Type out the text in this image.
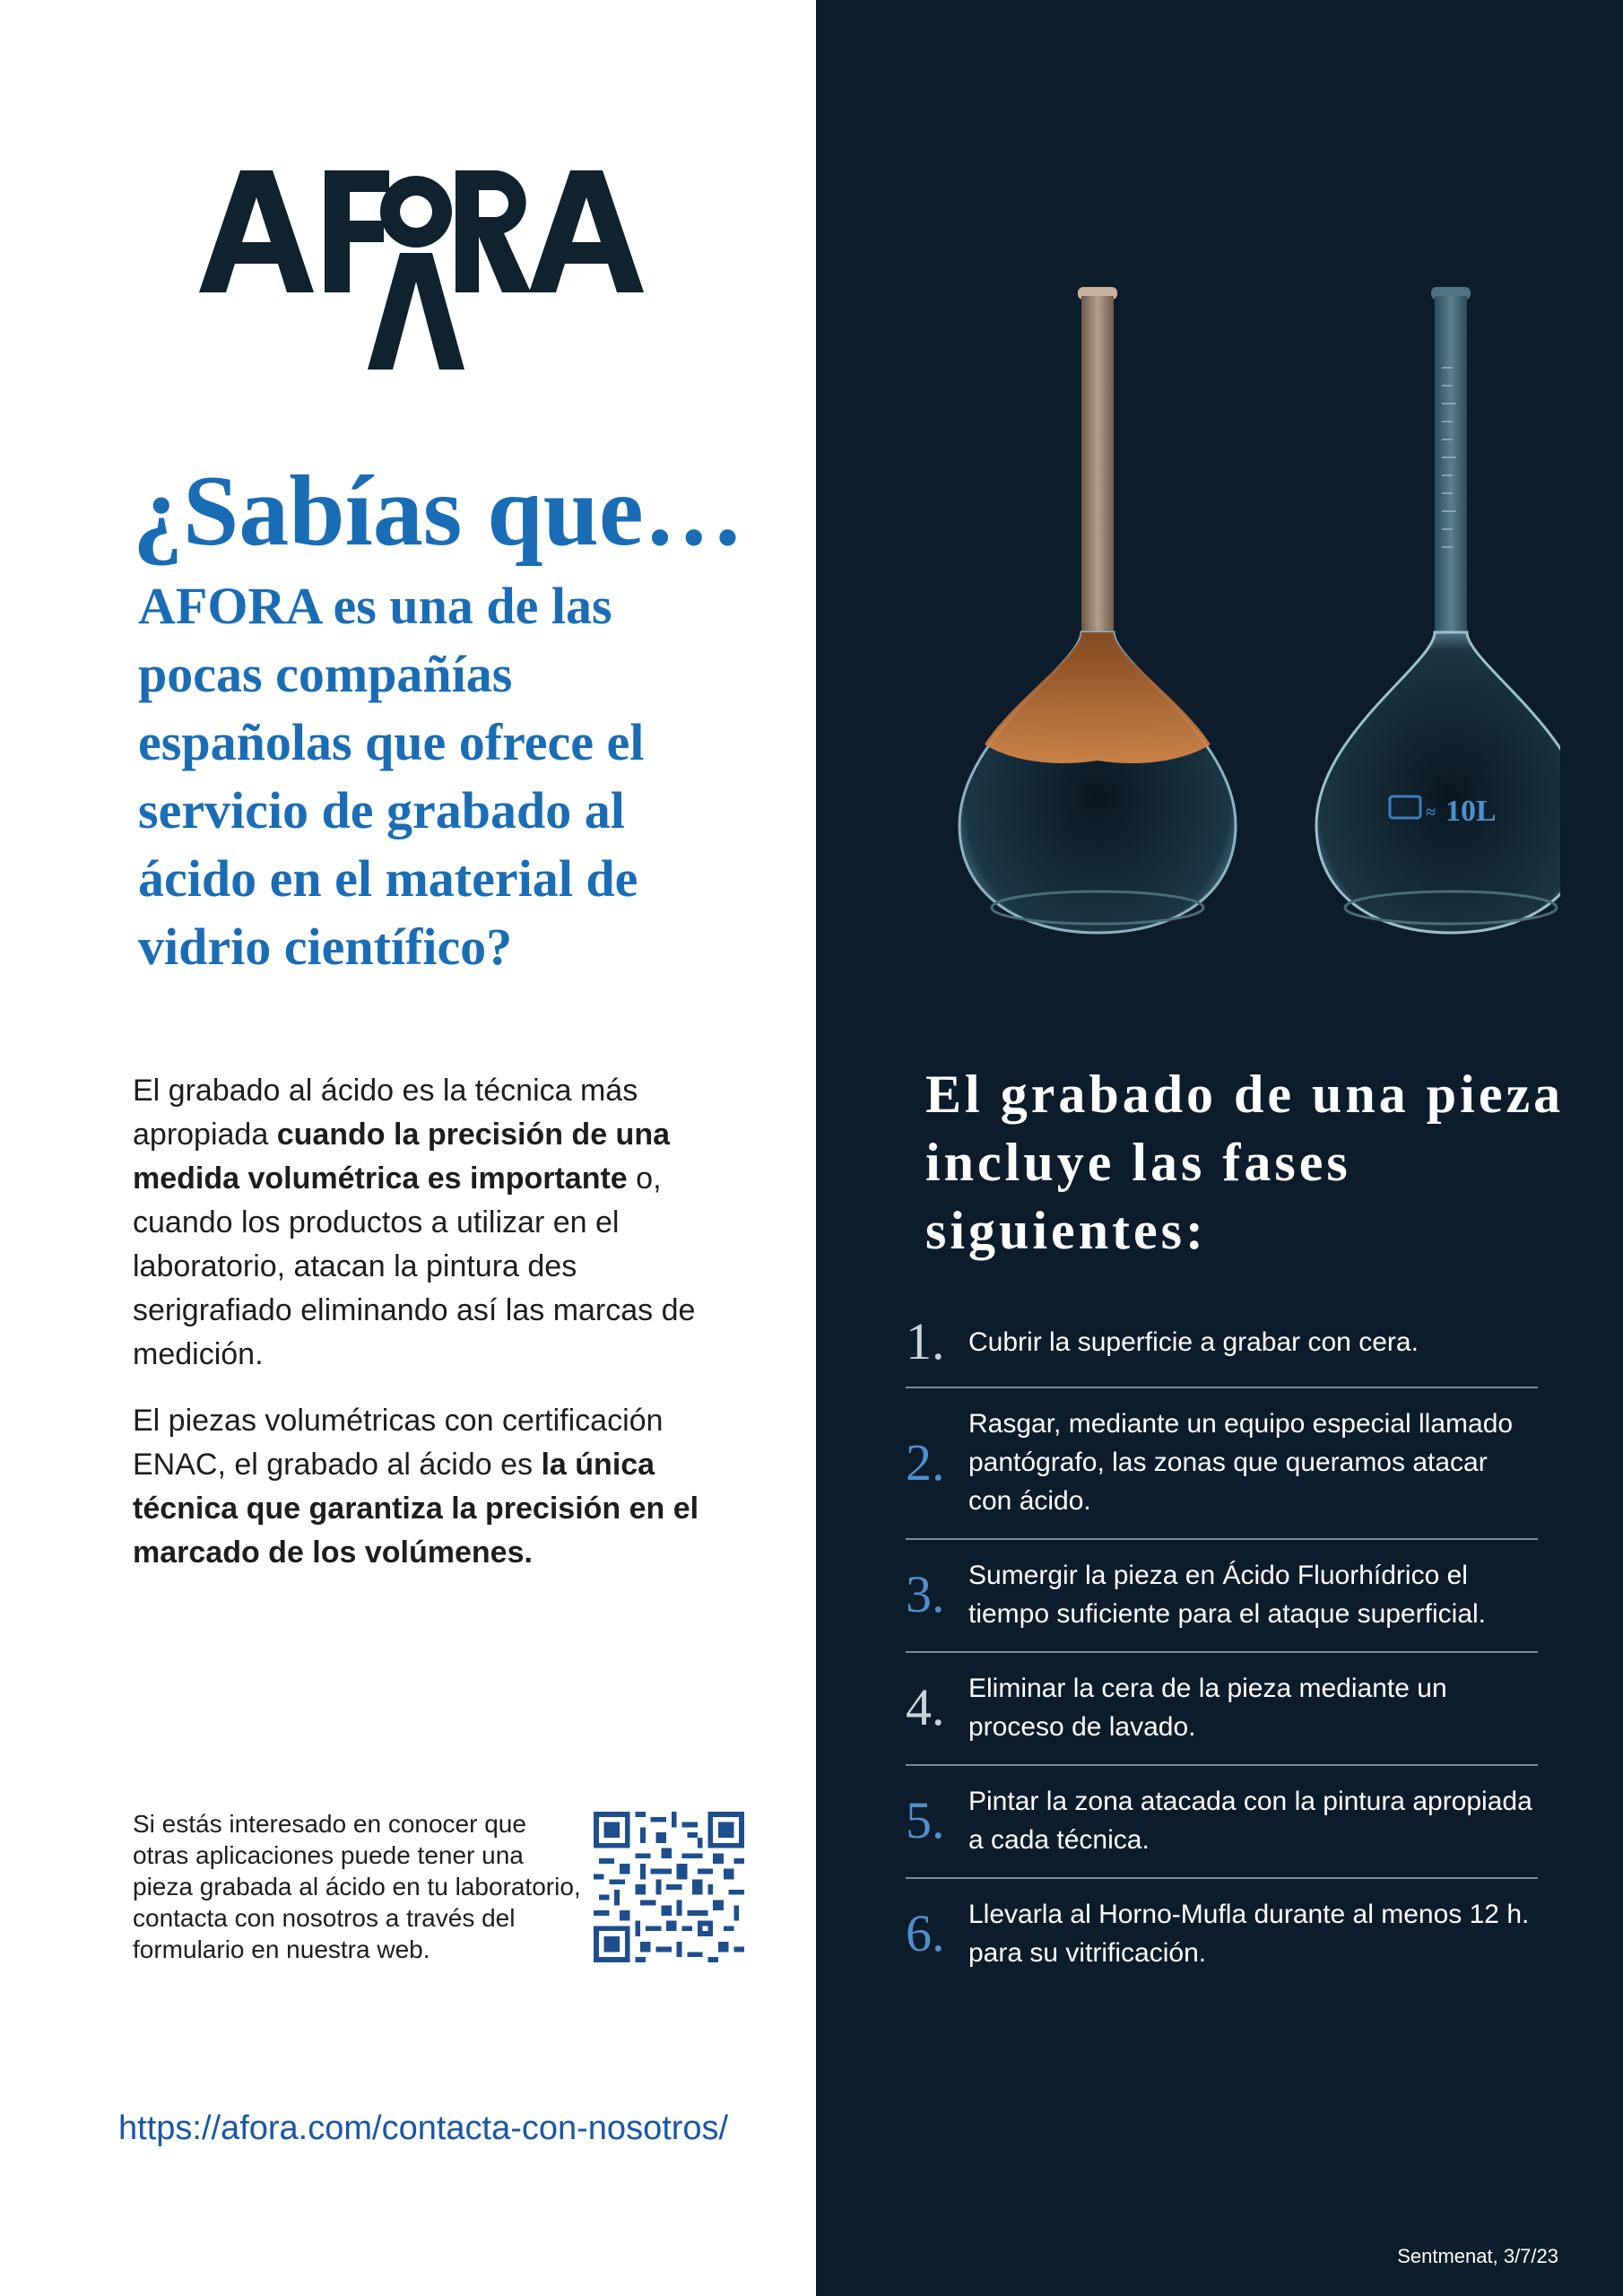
¿Sabías que…
AFORA es una de las pocas compañías españolas que ofrece el servicio de grabado al ácido en el material de vidrio científico?

El grabado al ácido es la técnica más apropiada cuando la precisión de una medida volumétrica es importante o, cuando los productos a utilizar en el laboratorio, atacan la pintura des serigrafiado eliminando así las marcas de medición.

El piezas volumétricas con certificación ENAC, el grabado al ácido es la única técnica que garantiza la precisión en el marcado de los volúmenes.

Si estás interesado en conocer que otras aplicaciones puede tener una pieza grabada al ácido en tu laboratorio, contacta con nosotros a través del formulario en nuestra web.

https://afora.com/contacta-con-nosotros/
≈ 10L
El grabado de una pieza incluye las fases siguientes:
1. Cubrir la superficie a grabar con cera.
2.
Rasgar, mediante un equipo especial llamado pantógrafo, las zonas que queramos atacar con ácido.
3. Sumergir la pieza en Ácido Fluorhídrico el tiempo suficiente para el ataque superficial.
4. Eliminar la cera de la pieza mediante un proceso de lavado.
5. Pintar la zona atacada con la pintura apropiada a cada técnica.
6. Llevarla al Horno-Mufla durante al menos 12 h. para su vitrificación.
Sentmenat, 3/7/23
